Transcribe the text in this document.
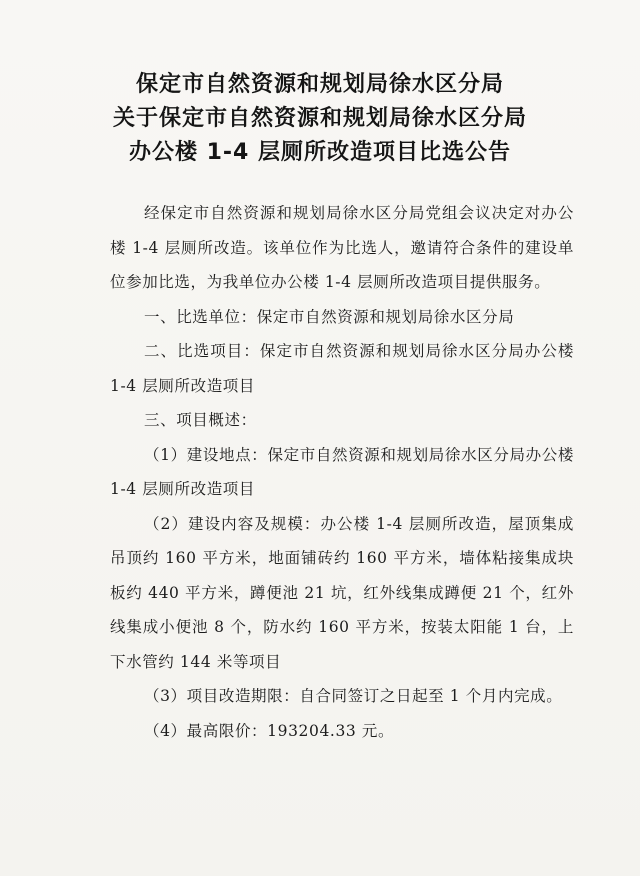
保定市自然资源和规划局徐水区分局
关于保定市自然资源和规划局徐水区分局
办公楼 1-4 层厕所改造项目比选公告

经保定市自然资源和规划局徐水区分局党组会议决定对办公楼 1-4 层厕所改造。该单位作为比选人，邀请符合条件的建设单位参加比选，为我单位办公楼 1-4 层厕所改造项目提供服务。

一、比选单位：保定市自然资源和规划局徐水区分局

二、比选项目：保定市自然资源和规划局徐水区分局办公楼 1-4 层厕所改造项目

三、项目概述：

（1）建设地点：保定市自然资源和规划局徐水区分局办公楼 1-4 层厕所改造项目

（2）建设内容及规模：办公楼 1-4 层厕所改造，屋顶集成吊顶约 160 平方米，地面铺砖约 160 平方米，墙体粘接集成块板约 440 平方米，蹲便池 21 坑，红外线集成蹲便 21 个，红外线集成小便池 8 个，防水约 160 平方米，按装太阳能 1 台，上下水管约 144 米等项目

（3）项目改造期限：自合同签订之日起至 1 个月内完成。

（4）最高限价：193204.33 元。
